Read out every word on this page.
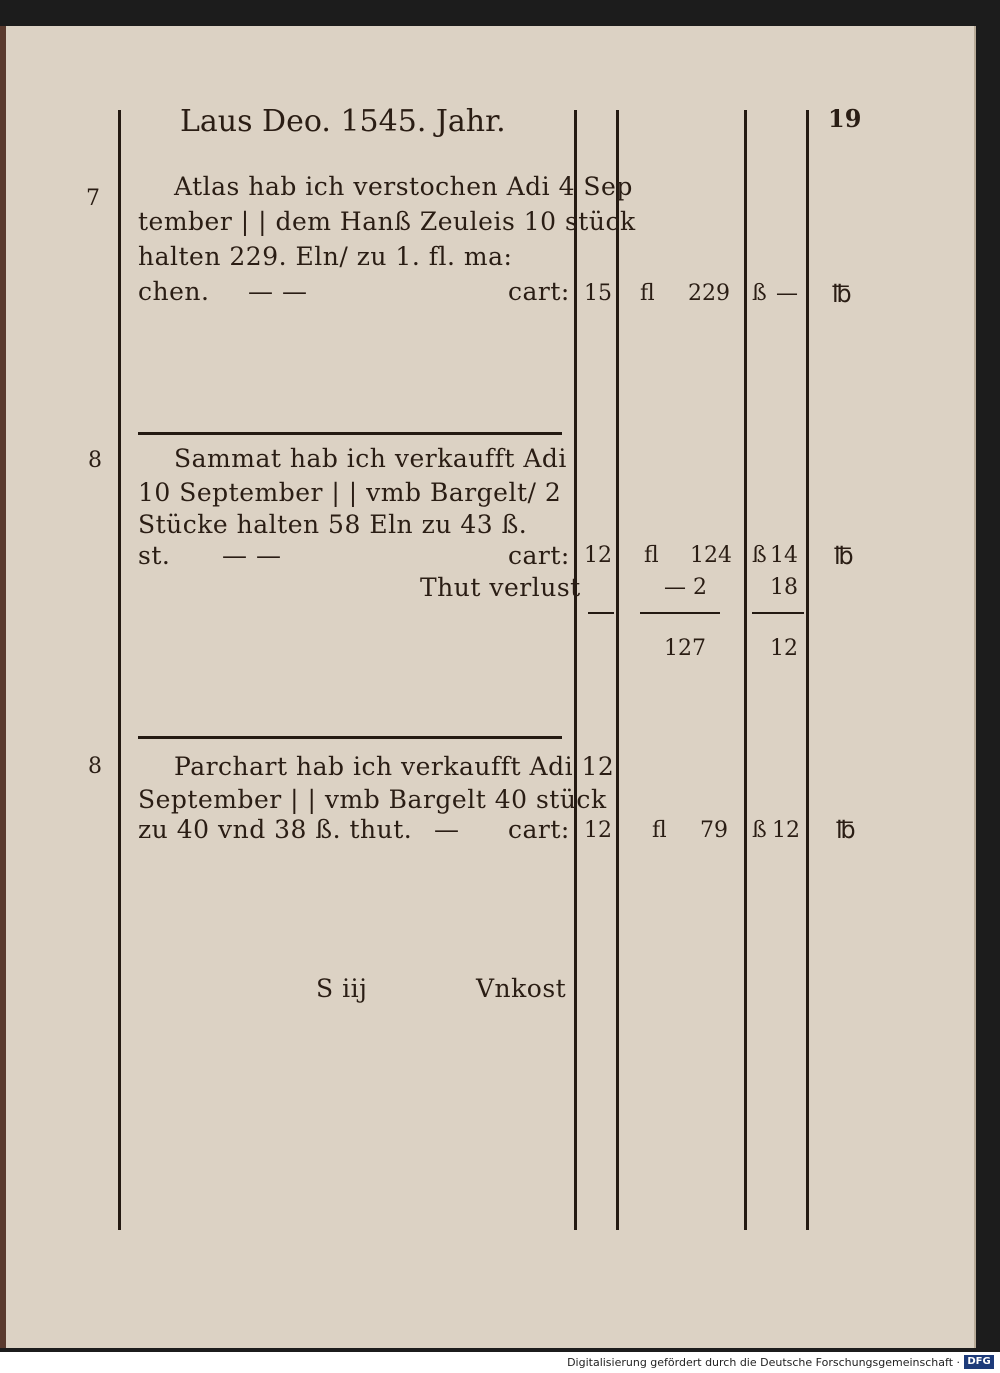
Laus Deo. 1545. Jahr.	19
7	Atlas hab ich verstochen Adi 4 Sep
tember | | dem Hanß Zeuleis 10 stück
halten 229. Eln/ zu 1. fl. ma:
chen. — —	cart: 15 fl 229 ß — ℔
8	Sammat hab ich verkaufft Adi
10 September | | vmb Bargelt/ 2
Stücke halten 58 Eln zu 43 ß.
st. — —	cart: 12 fl 124 ß 14 ℔
Thut verlust	— 2	18
127	12
8	Parchart hab ich verkaufft Adi 12
September | | vmb Bargelt 40 stück
zu 40 vnd 38 ß. thut. — cart: 12 fl 79 ß 12 ℔
S iij	Vnkost
Digitalisierung gefördert durch die Deutsche Forschungsgemeinschaft · DFG
